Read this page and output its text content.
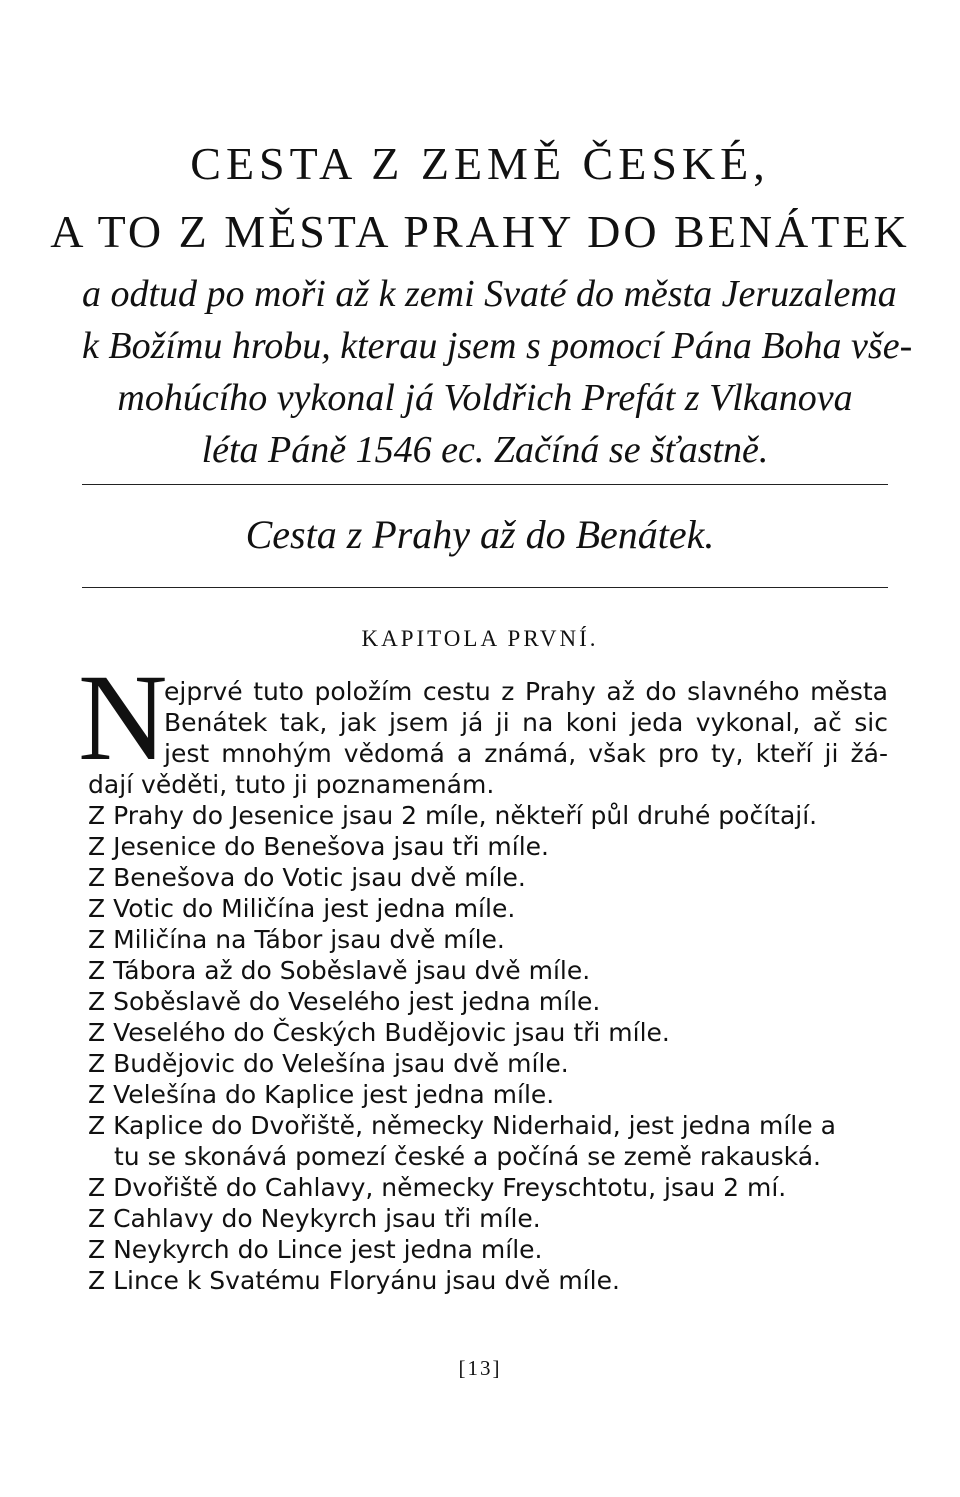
CESTA Z ZEMĚ ČESKÉ,
A TO Z MĚSTA PRAHY DO BENÁTEK
a odtud po moři až k zemi Svaté do města Jeruzalema
k Božímu hrobu, kterau jsem s pomocí Pána Boha vše-
mohúcího vykonal já Voldřich Prefát z Vlkanova
léta Páně 1546 ec. Začíná se šťastně.
Cesta z Prahy až do Benátek.
KAPITOLA PRVNÍ.
N
ejprvé tuto položím cestu z Prahy až do slavného města
Benátek tak, jak jsem já ji na koni jeda vykonal, ač sic
jest mnohým vědomá a známá, však pro ty, kteří ji žá-
dají věděti, tuto ji poznamenám.
Z Prahy do Jesenice jsau 2 míle, někteří půl druhé počítají.
Z Jesenice do Benešova jsau tři míle.
Z Benešova do Votic jsau dvě míle.
Z Votic do Miličína jest jedna míle.
Z Miličína na Tábor jsau dvě míle.
Z Tábora až do Soběslavě jsau dvě míle.
Z Soběslavě do Veselého jest jedna míle.
Z Veselého do Českých Budějovic jsau tři míle.
Z Budějovic do Velešína jsau dvě míle.
Z Velešína do Kaplice jest jedna míle.
Z Kaplice do Dvořiště, německy Niderhaid, jest jedna míle a
tu se skonává pomezí české a počíná se země rakauská.
Z Dvořiště do Cahlavy, německy Freyschtotu, jsau 2 mí.
Z Cahlavy do Neykyrch jsau tři míle.
Z Neykyrch do Lince jest jedna míle.
Z Lince k Svatému Floryánu jsau dvě míle.
[13]
